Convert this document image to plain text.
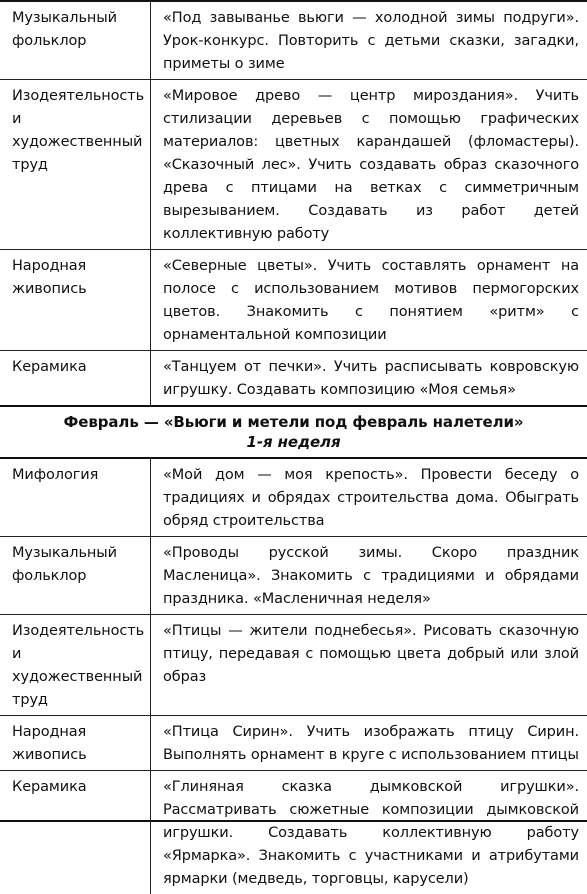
Музыкальный фольклор	«Под завыванье вьюги — холодной зимы подруги». Урок-конкурс. Повторить с детьми сказки, загадки, приметы о зиме
Изодеятельность и художественный труд	«Мировое древо — центр мироздания». Учить стилизации деревьев с помощью графических материалов: цветных карандашей (фломастеры). «Сказочный лес». Учить создавать образ сказочного древа с птицами на ветках с симметричным вырезыванием. Создавать из работ детей коллективную работу
Народная живопись	«Северные цветы». Учить составлять орнамент на полосе с использованием мотивов пермогорских цветов. Знакомить с понятием «ритм» с орнаментальной композиции
Керамика	«Танцуем от печки». Учить расписывать ковровскую игрушку. Создавать композицию «Моя семья»
Февраль — «Вьюги и метели под февраль налетели»
1-я неделя	

Мифология	«Мой дом — моя крепость». Провести беседу о традициях и обрядах строительства дома. Обыграть обряд строительства
Музыкальный фольклор	«Проводы русской зимы. Скоро праздник Масленица». Знакомить с традициями и обрядами праздника. «Масленичная неделя»
Изодеятельность и художественный труд	«Птицы — жители поднебесья». Рисовать сказочную птицу, передавая с помощью цвета добрый или злой образ
Народная живопись	«Птица Сирин». Учить изображать птицу Сирин. Выполнять орнамент в круге с использованием птицы
Керамика	«Глиняная сказка дымковской игрушки». Рассматривать сюжетные композиции дымковской игрушки. Создавать коллективную работу «Ярмарка». Знакомить с участниками и атрибутами ярмарки (медведь, торговцы, карусели)
